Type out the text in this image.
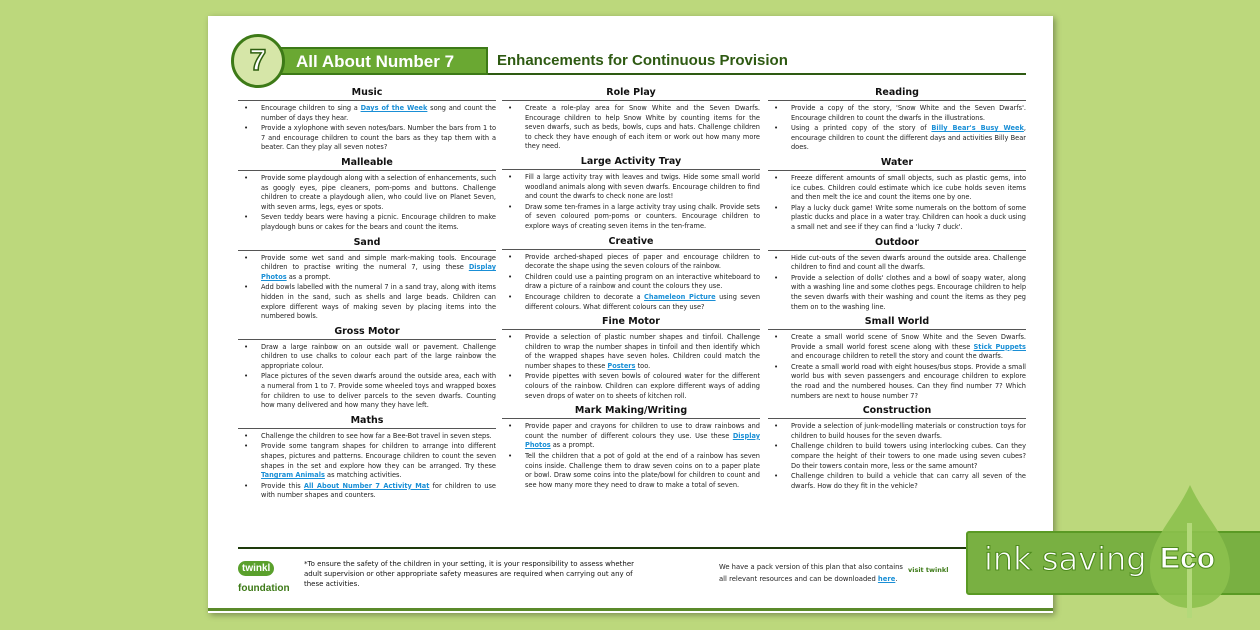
7	All About Number 7	Enhancements for Continuous Provision
Music
• Encourage children to sing a Days of the Week song and count the number of days they hear.
• Provide a xylophone with seven notes/bars. Number the bars from 1 to 7 and encourage children to count the bars as they tap them with a beater. Can they play all seven notes?
Malleable
• Provide some playdough along with a selection of enhancements, such as googly eyes, pipe cleaners, pom-poms and buttons. Challenge children to create a playdough alien, who could live on Planet Seven, with seven arms, legs, eyes or spots.
• Seven teddy bears were having a picnic. Encourage children to make playdough buns or cakes for the bears and count the items.
Sand
• Provide some wet sand and simple mark-making tools. Encourage children to practise writing the numeral 7, using these Display Photos as a prompt.
• Add bowls labelled with the numeral 7 in a sand tray, along with items hidden in the sand, such as shells and large beads. Children can explore different ways of making seven by placing items into the numbered bowls.
Gross Motor
• Draw a large rainbow on an outside wall or pavement. Challenge children to use chalks to colour each part of the large rainbow the appropriate colour.
• Place pictures of the seven dwarfs around the outside area, each with a numeral from 1 to 7. Provide some wheeled toys and wrapped boxes for children to use to deliver parcels to the seven dwarfs. Counting how many delivered and how many they have left.
Maths
• Challenge the children to see how far a Bee-Bot travel in seven steps.
• Provide some tangram shapes for children to arrange into different shapes, pictures and patterns. Encourage children to count the seven shapes in the set and explore how they can be arranged. Try these Tangram Animals as matching activities.
• Provide this All About Number 7 Activity Mat for children to use with number shapes and counters.
Role Play
• Create a role-play area for Snow White and the Seven Dwarfs. Encourage children to help Snow White by counting items for the seven dwarfs, such as beds, bowls, cups and hats. Challenge children to check they have enough of each item or work out how many more they need.
Large Activity Tray
• Fill a large activity tray with leaves and twigs. Hide some small world woodland animals along with seven dwarfs. Encourage children to find and count the dwarfs to check none are lost!
• Draw some ten-frames in a large activity tray using chalk. Provide sets of seven coloured pom-poms or counters. Encourage children to explore ways of creating seven items in the ten-frame.
Creative
• Provide arched-shaped pieces of paper and encourage children to decorate the shape using the seven colours of the rainbow.
• Children could use a painting program on an interactive whiteboard to draw a picture of a rainbow and count the colours they use.
• Encourage children to decorate a Chameleon Picture using seven different colours. What different colours can they use?
Fine Motor
• Provide a selection of plastic number shapes and tinfoil. Challenge children to wrap the number shapes in tinfoil and then identify which of the wrapped shapes have seven holes. Children could match the number shapes to these Posters too.
• Provide pipettes with seven bowls of coloured water for the different colours of the rainbow. Children can explore different ways of adding seven drops of water on to sheets of kitchen roll.
Mark Making/Writing
• Provide paper and crayons for children to use to draw rainbows and count the number of different colours they use. Use these Display Photos as a prompt.
• Tell the children that a pot of gold at the end of a rainbow has seven coins inside. Challenge them to draw seven coins on to a paper plate or bowl. Draw some coins into the plate/bowl for children to count and see how many more they need to draw to make a total of seven.
Reading
• Provide a copy of the story, 'Snow White and the Seven Dwarfs'. Encourage children to count the dwarfs in the illustrations.
• Using a printed copy of the story of Billy Bear's Busy Week, encourage children to count the different days and activities Billy Bear does.
Water
• Freeze different amounts of small objects, such as plastic gems, into ice cubes. Children could estimate which ice cube holds seven items and then melt the ice and count the items one by one.
• Play a lucky duck game! Write some numerals on the bottom of some plastic ducks and place in a water tray. Children can hook a duck using a small net and see if they can find a 'lucky 7 duck'.
Outdoor
• Hide cut-outs of the seven dwarfs around the outside area. Challenge children to find and count all the dwarfs.
• Provide a selection of dolls' clothes and a bowl of soapy water, along with a washing line and some clothes pegs. Encourage children to help the seven dwarfs with their washing and count the items as they peg them on to the washing line.
Small World
• Create a small world scene of Snow White and the Seven Dwarfs. Provide a small world forest scene along with these Stick Puppets and encourage children to retell the story and count the dwarfs.
• Create a small world road with eight houses/bus stops. Provide a small world bus with seven passengers and encourage children to explore the road and the numbered houses. Can they find number 7? Which numbers are next to house number 7?
Construction
• Provide a selection of junk-modelling materials or construction toys for children to build houses for the seven dwarfs.
• Challenge children to build towers using interlocking cubes. Can they compare the height of their towers to one made using seven cubes? Do their towers contain more, less or the same amount?
• Challenge children to build a vehicle that can carry all seven of the dwarfs. How do they fit in the vehicle?
twinkl
foundation
*To ensure the safety of the children in your setting, it is your responsibility to assess whether adult supervision or other appropriate safety measures are required when carrying out any of these activities.
We have a pack version of this plan that also contains all relevant resources and can be downloaded here.
visit twinkl ink saving Eco
